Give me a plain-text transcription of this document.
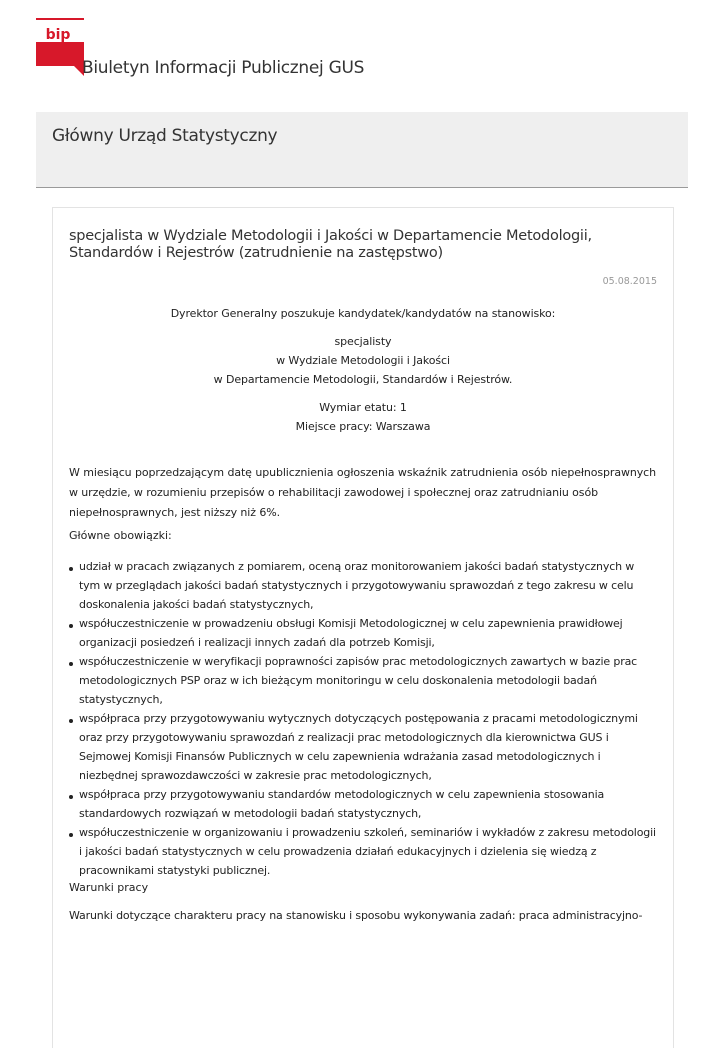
bip
Biuletyn Informacji Publicznej GUS
Główny Urząd Statystyczny
specjalista w Wydziale Metodologii i Jakości w Departamencie Metodologii, Standardów i Rejestrów (zatrudnienie na zastępstwo)
05.08.2015
Dyrektor Generalny poszukuje kandydatek/kandydatów na stanowisko:
specjalisty
w Wydziale Metodologii i Jakości
w Departamencie Metodologii, Standardów i Rejestrów.
Wymiar etatu: 1
Miejsce pracy: Warszawa

W miesiącu poprzedzającym datę upublicznienia ogłoszenia wskaźnik zatrudnienia osób niepełnosprawnych w urzędzie, w rozumieniu przepisów o rehabilitacji zawodowej i społecznej oraz zatrudnianiu osób
niepełnosprawnych, jest niższy niż 6%.

Główne obowiązki:
udział w pracach związanych z pomiarem, oceną oraz monitorowaniem jakości badań statystycznych w
tym w przeglądach jakości badań statystycznych i przygotowywaniu sprawozdań z tego zakresu w celu
doskonalenia jakości badań statystycznych,
współuczestniczenie w prowadzeniu obsługi Komisji Metodologicznej w celu zapewnienia prawidłowej
organizacji posiedzeń i realizacji innych zadań dla potrzeb Komisji,
współuczestniczenie w weryfikacji poprawności zapisów prac metodologicznych zawartych w bazie prac
metodologicznych PSP oraz w ich bieżącym monitoringu w celu doskonalenia metodologii badań
statystycznych,
współpraca przy przygotowywaniu wytycznych dotyczących postępowania z pracami metodologicznymi
oraz przy przygotowywaniu sprawozdań z realizacji prac metodologicznych dla kierownictwa GUS i
Sejmowej Komisji Finansów Publicznych w celu zapewnienia wdrażania zasad metodologicznych i
niezbędnej sprawozdawczości w zakresie prac metodologicznych,
współpraca przy przygotowywaniu standardów metodologicznych w celu zapewnienia stosowania
standardowych rozwiązań w metodologii badań statystycznych,
współuczestniczenie w organizowaniu i prowadzeniu szkoleń, seminariów i wykładów z zakresu metodologii
i jakości badań statystycznych w celu prowadzenia działań edukacyjnych i dzielenia się wiedzą z
pracownikami statystyki publicznej.
Warunki pracy
Warunki dotyczące charakteru pracy na stanowisku i sposobu wykonywania zadań: praca administracyjno-
